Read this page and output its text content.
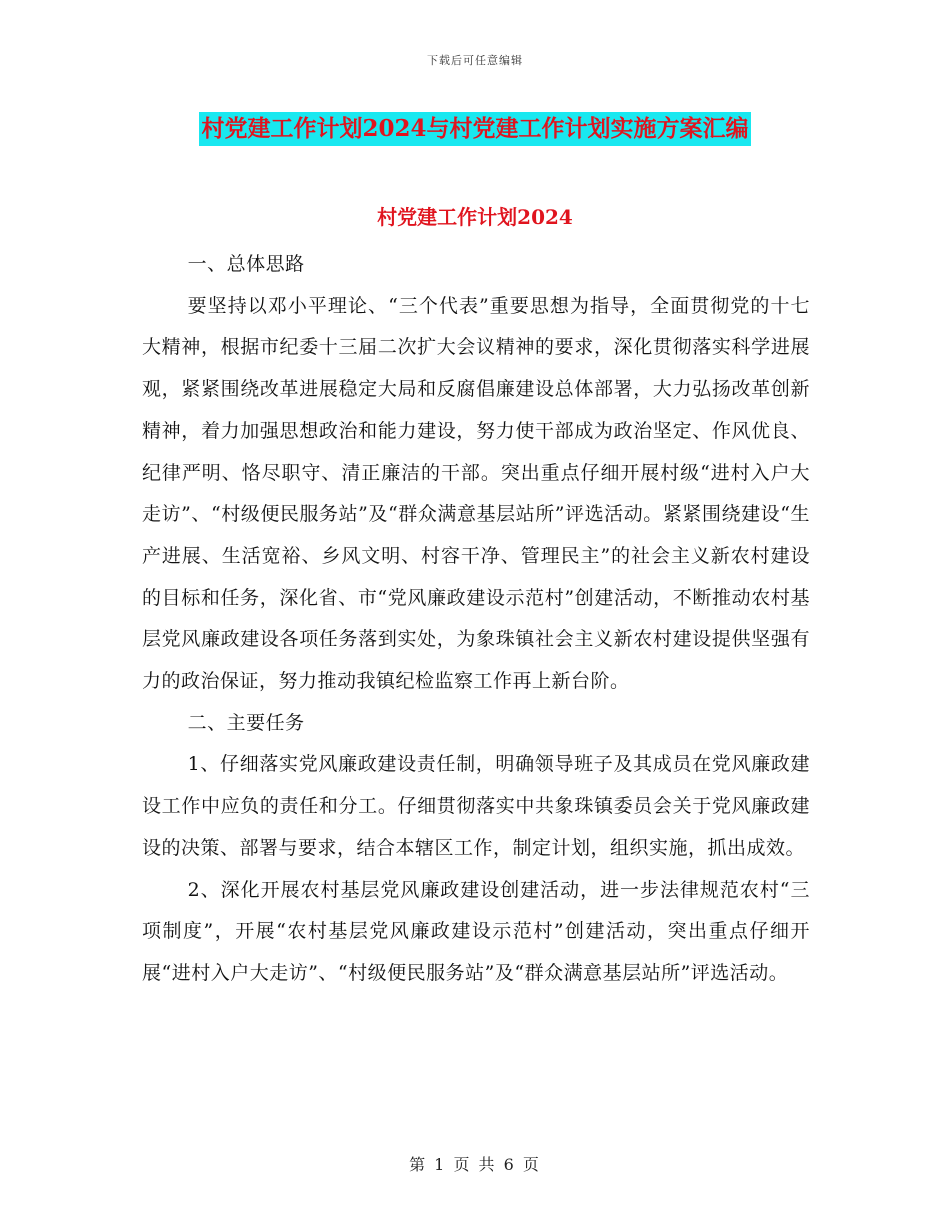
下载后可任意编辑
村党建工作计划2024与村党建工作计划实施方案汇编
村党建工作计划2024

一、总体思路

要坚持以邓小平理论、“三个代表”重要思想为指导，全面贯彻党的十七大精神，根据市纪委十三届二次扩大会议精神的要求，深化贯彻落实科学进展观，紧紧围绕改革进展稳定大局和反腐倡廉建设总体部署，大力弘扬改革创新精神，着力加强思想政治和能力建设，努力使干部成为政治坚定、作风优良、纪律严明、恪尽职守、清正廉洁的干部。突出重点仔细开展村级“进村入户大走访”、“村级便民服务站”及“群众满意基层站所”评选活动。紧紧围绕建设“生产进展、生活宽裕、乡风文明、村容干净、管理民主”的社会主义新农村建设的目标和任务，深化省、市“党风廉政建设示范村”创建活动，不断推动农村基层党风廉政建设各项任务落到实处，为象珠镇社会主义新农村建设提供坚强有力的政治保证，努力推动我镇纪检监察工作再上新台阶。

二、主要任务

1、仔细落实党风廉政建设责任制，明确领导班子及其成员在党风廉政建设工作中应负的责任和分工。仔细贯彻落实中共象珠镇委员会关于党风廉政建设的决策、部署与要求，结合本辖区工作，制定计划，组织实施，抓出成效。

2、深化开展农村基层党风廉政建设创建活动，进一步法律规范农村“三项制度”，开展“农村基层党风廉政建设示范村”创建活动，突出重点仔细开展“进村入户大走访”、“村级便民服务站”及“群众满意基层站所”评选活动。

第 1 页 共 6 页
